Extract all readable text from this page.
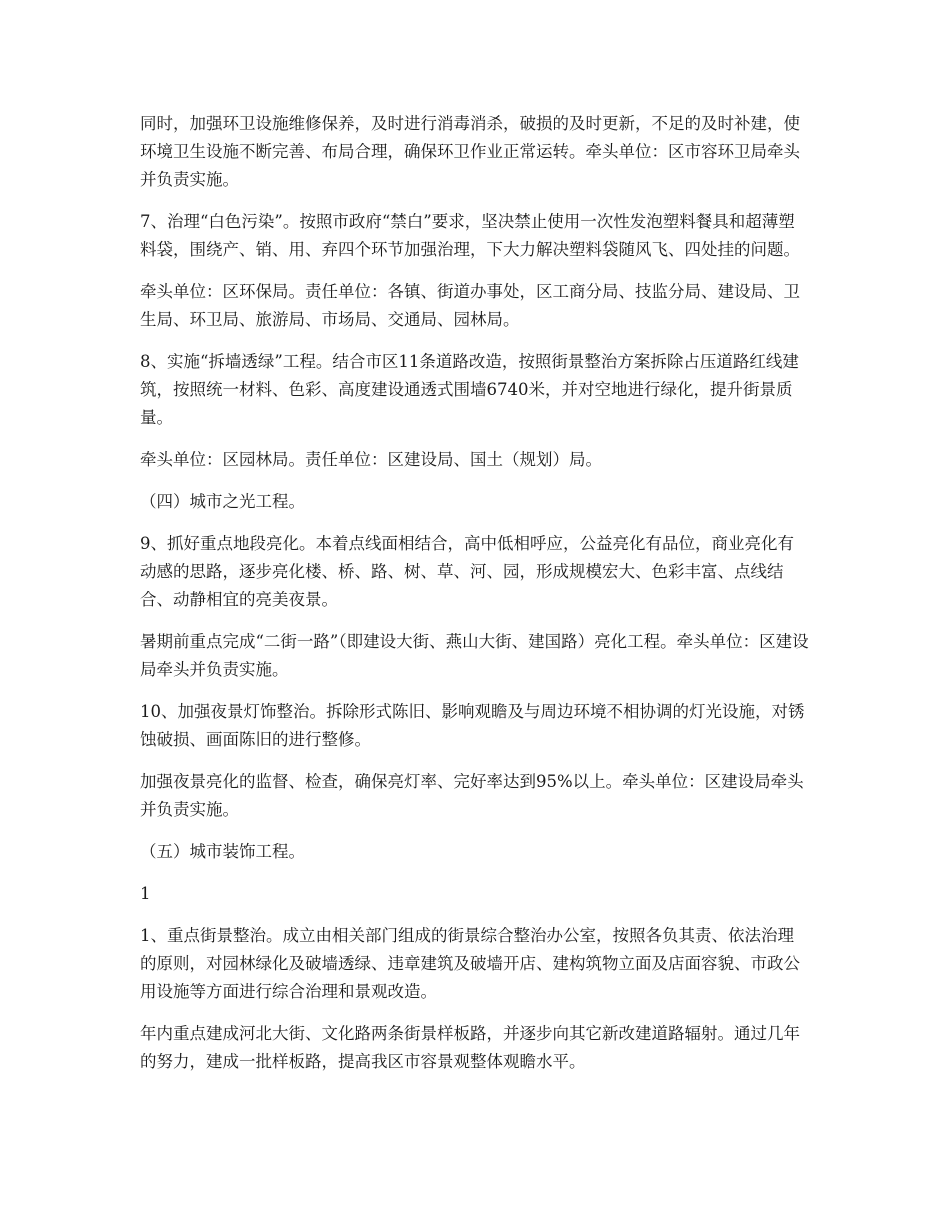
同时，加强环卫设施维修保养，及时进行消毒消杀，破损的及时更新，不足的及时补建，使环境卫生设施不断完善、布局合理，确保环卫作业正常运转。牵头单位：区市容环卫局牵头并负责实施。

7、治理“白色污染”。按照市政府“禁白”要求，坚决禁止使用一次性发泡塑料餐具和超薄塑料袋，围绕产、销、用、弃四个环节加强治理，下大力解决塑料袋随风飞、四处挂的问题。

牵头单位：区环保局。责任单位：各镇、街道办事处，区工商分局、技监分局、建设局、卫生局、环卫局、旅游局、市场局、交通局、园林局。

8、实施“拆墙透绿”工程。结合市区11条道路改造，按照街景整治方案拆除占压道路红线建筑，按照统一材料、色彩、高度建设通透式围墙6740米，并对空地进行绿化，提升街景质量。

牵头单位：区园林局。责任单位：区建设局、国土（规划）局。

（四）城市之光工程。

9、抓好重点地段亮化。本着点线面相结合，高中低相呼应，公益亮化有品位，商业亮化有动感的思路，逐步亮化楼、桥、路、树、草、河、园，形成规模宏大、色彩丰富、点线结合、动静相宜的亮美夜景。

暑期前重点完成“二街一路”（即建设大街、燕山大街、建国路）亮化工程。牵头单位：区建设局牵头并负责实施。

10、加强夜景灯饰整治。拆除形式陈旧、影响观瞻及与周边环境不相协调的灯光设施，对锈蚀破损、画面陈旧的进行整修。

加强夜景亮化的监督、检查，确保亮灯率、完好率达到95%以上。牵头单位：区建设局牵头并负责实施。

（五）城市装饰工程。

1

1、重点街景整治。成立由相关部门组成的街景综合整治办公室，按照各负其责、依法治理的原则，对园林绿化及破墙透绿、违章建筑及破墙开店、建构筑物立面及店面容貌、市政公用设施等方面进行综合治理和景观改造。

年内重点建成河北大街、文化路两条街景样板路，并逐步向其它新改建道路辐射。通过几年的努力，建成一批样板路，提高我区市容景观整体观瞻水平。
